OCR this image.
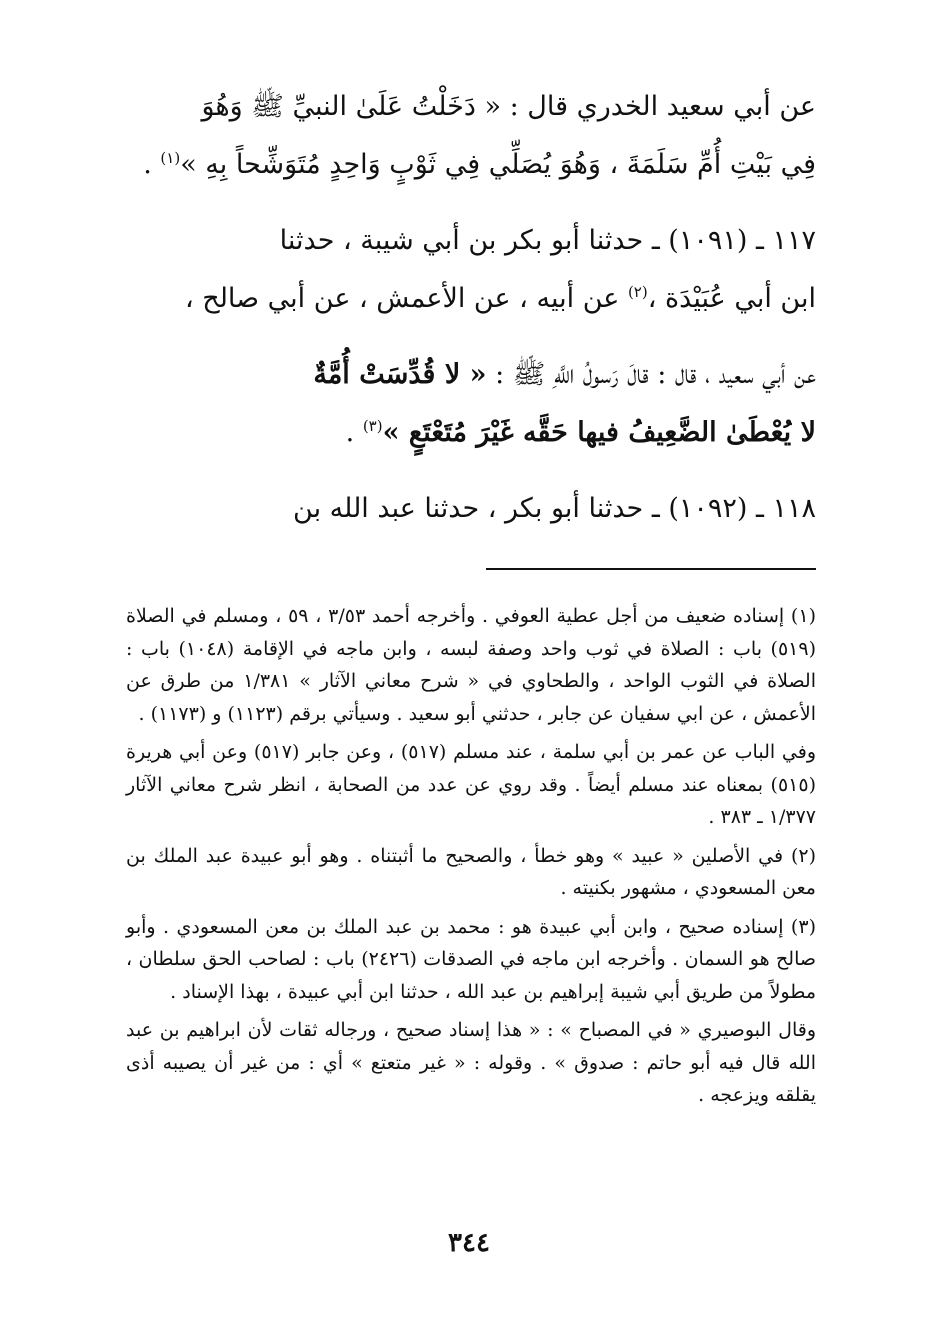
عن أبي سعيد الخدري قال : « دَخَلْتُ عَلَىٰ النبيِّ ﷺ وَهُوَ
فِي بَيْتِ أُمِّ سَلَمَةَ ، وَهُوَ يُصَلِّي فِي ثَوْبٍ وَاحِدٍ مُتَوَشِّحاً بِهِ »$^{(١)}$ .

١١٧ ـ (١٠٩١) ـ حدثنا أبو بكر بن أبي شيبة ، حدثنا
ابن أبي عُبَيْدَة ،$^{(٢)}$ عن أبيه ، عن الأعمش ، عن أبي صالح ،

عن أبي سعيد ، قال : قالَ رَسولُ اللَّهِ ﷺ : « لا قُدِّسَتْ أُمَّةٌ
لا يُعْطَىٰ الضَّعِيفُ فيها حَقَّه غَيْرَ مُتَعْتَعٍ »$^{(٣)}$ .

١١٨ ـ (١٠٩٢) ـ حدثنا أبو بكر ، حدثنا عبد الله بن

(١) إسناده ضعيف من أجل عطية العوفي . وأخرجه أحمد ٣/٥٣ ، ٥٩ ، ومسلم في الصلاة (٥١٩) باب : الصلاة في ثوب واحد وصفة لبسه ، وابن ماجه في الإقامة (١٠٤٨) باب : الصلاة في الثوب الواحد ، والطحاوي في « شرح معاني الآثار » ١/٣٨١ من طرق عن الأعمش ، عن ابي سفيان عن جابر ، حدثني أبو سعيد . وسيأتي برقم (١١٢٣) و (١١٧٣) .

وفي الباب عن عمر بن أبي سلمة ، عند مسلم (٥١٧) ، وعن جابر (٥١٧) وعن أبي هريرة (٥١٥) بمعناه عند مسلم أيضاً . وقد روي عن عدد من الصحابة ، انظر شرح معاني الآثار ١/٣٧٧ ـ ٣٨٣ .

(٢) في الأصلين « عبيد » وهو خطأ ، والصحيح ما أثبتناه . وهو أبو عبيدة عبد الملك بن معن المسعودي ، مشهور بكنيته .

(٣) إسناده صحيح ، وابن أبي عبيدة هو : محمد بن عبد الملك بن معن المسعودي . وأبو صالح هو السمان . وأخرجه ابن ماجه في الصدقات (٢٤٢٦) باب : لصاحب الحق سلطان ، مطولاً من طريق أبي شيبة إبراهيم بن عبد الله ، حدثنا ابن أبي عبيدة ، بهذا الإسناد .

وقال البوصيري « في المصباح » : « هذا إسناد صحيح ، ورجاله ثقات لأن ابراهيم بن عبد الله قال فيه أبو حاتم : صدوق » . وقوله : « غير متعتع » أي : من غير أن يصيبه أذى يقلقه ويزعجه .

٣٤٤
